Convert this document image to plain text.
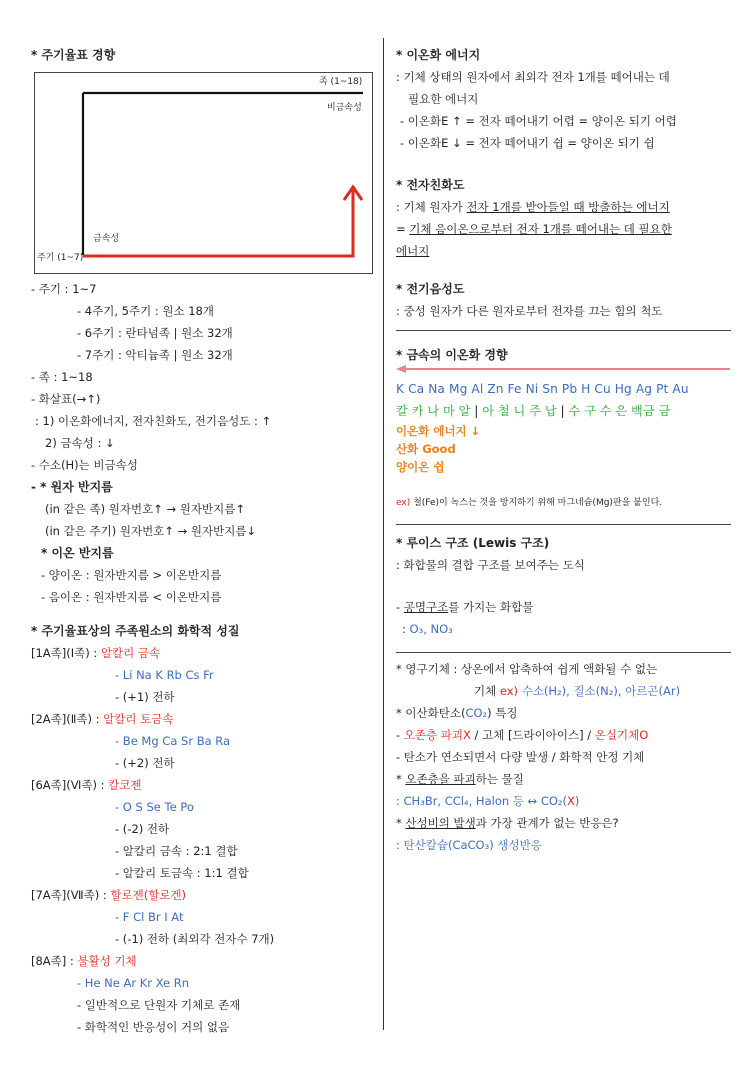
* 주기율표 경향
족 (1~18)
비금속성
금속성
주기 (1~7)
- 주기 : 1~7
- 4주기, 5주기 : 원소 18개
- 6주기 : 란타넘족 | 원소 32개
- 7주기 : 악티늄족 | 원소 32개
- 족 : 1~18
- 화살표(→↑)
: 1) 이온화에너지, 전자친화도, 전기음성도 : ↑
2) 금속성 : ↓
- 수소(H)는 비금속성
- * 원자 반지름
(in 같은 족) 원자번호↑ → 원자반지름↑
(in 같은 주기) 원자번호↑ → 원자반지름↓
* 이온 반지름
- 양이온 : 원자반지름 > 이온반지름
- 음이온 : 원자반지름 < 이온반지름
* 주기율표상의 주족원소의 화학적 성질
[1A족](Ⅰ족) : 알칼리 금속
- Li Na K Rb Cs Fr
- (+1) 전하
[2A족](Ⅱ족) : 알칼리 토금속
- Be Mg Ca Sr Ba Ra
- (+2) 전하
[6A족](Ⅵ족) : 칼코젠
- O S Se Te Po
- (-2) 전하
- 알칼리 금속 : 2:1 결합
- 알칼리 토금속 : 1:1 결합
[7A족](Ⅶ족) : 할로젠(할로겐)
- F Cl Br I At
- (-1) 전하 (최외각 전자수 7개)
[8A족] : 불활성 기체
- He Ne Ar Kr Xe Rn
- 일반적으로 단원자 기체로 존재
- 화학적인 반응성이 거의 없음
* 이온화 에너지
: 기체 상태의 원자에서 최외각 전자 1개를 떼어내는 데
필요한 에너지
- 이온화E ↑ = 전자 떼어내기 어렵 = 양이온 되기 어렵
- 이온화E ↓ = 전자 떼어내기 쉽 = 양이온 되기 쉽
* 전자친화도
: 기체 원자가 전자 1개를 받아들일 때 방출하는 에너지
= 기체 음이온으로부터 전자 1개를 떼어내는 데 필요한
에너지
* 전기음성도
: 중성 원자가 다른 원자로부터 전자를 끄는 힘의 척도
* 금속의 이온화 경향
K Ca Na Mg Al Zn Fe Ni Sn Pb H Cu Hg Ag Pt Au
칼 카 나 마 알 | 아 철 니 주 납 | 수 구 수 은 백금 금
이온화 에너지 ↓
산화 Good
양이온 쉽
ex) 철(Fe)이 녹스는 것을 방지하기 위해 마그네슘(Mg)판을 붙인다.
* 루이스 구조 (Lewis 구조)
: 화합물의 결합 구조를 보여주는 도식
- 공명구조를 가지는 화합물
: O₃, NO₃
* 영구기체 : 상온에서 압축하여 쉽게 액화될 수 없는
기체 ex) 수소(H₂), 질소(N₂), 아르곤(Ar)
* 이산화탄소(CO₂) 특징
- 오존층 파괴X / 고체 [드라이아이스] / 온실기체O
- 탄소가 연소되면서 다량 발생 / 화학적 안정 기체
* 오존층을 파괴하는 물질
: CH₃Br, CCl₄, Halon 등 ↔ CO₂(X)
* 산성비의 발생과 가장 관계가 없는 반응은?
: 탄산칼슘(CaCO₃) 생성반응
